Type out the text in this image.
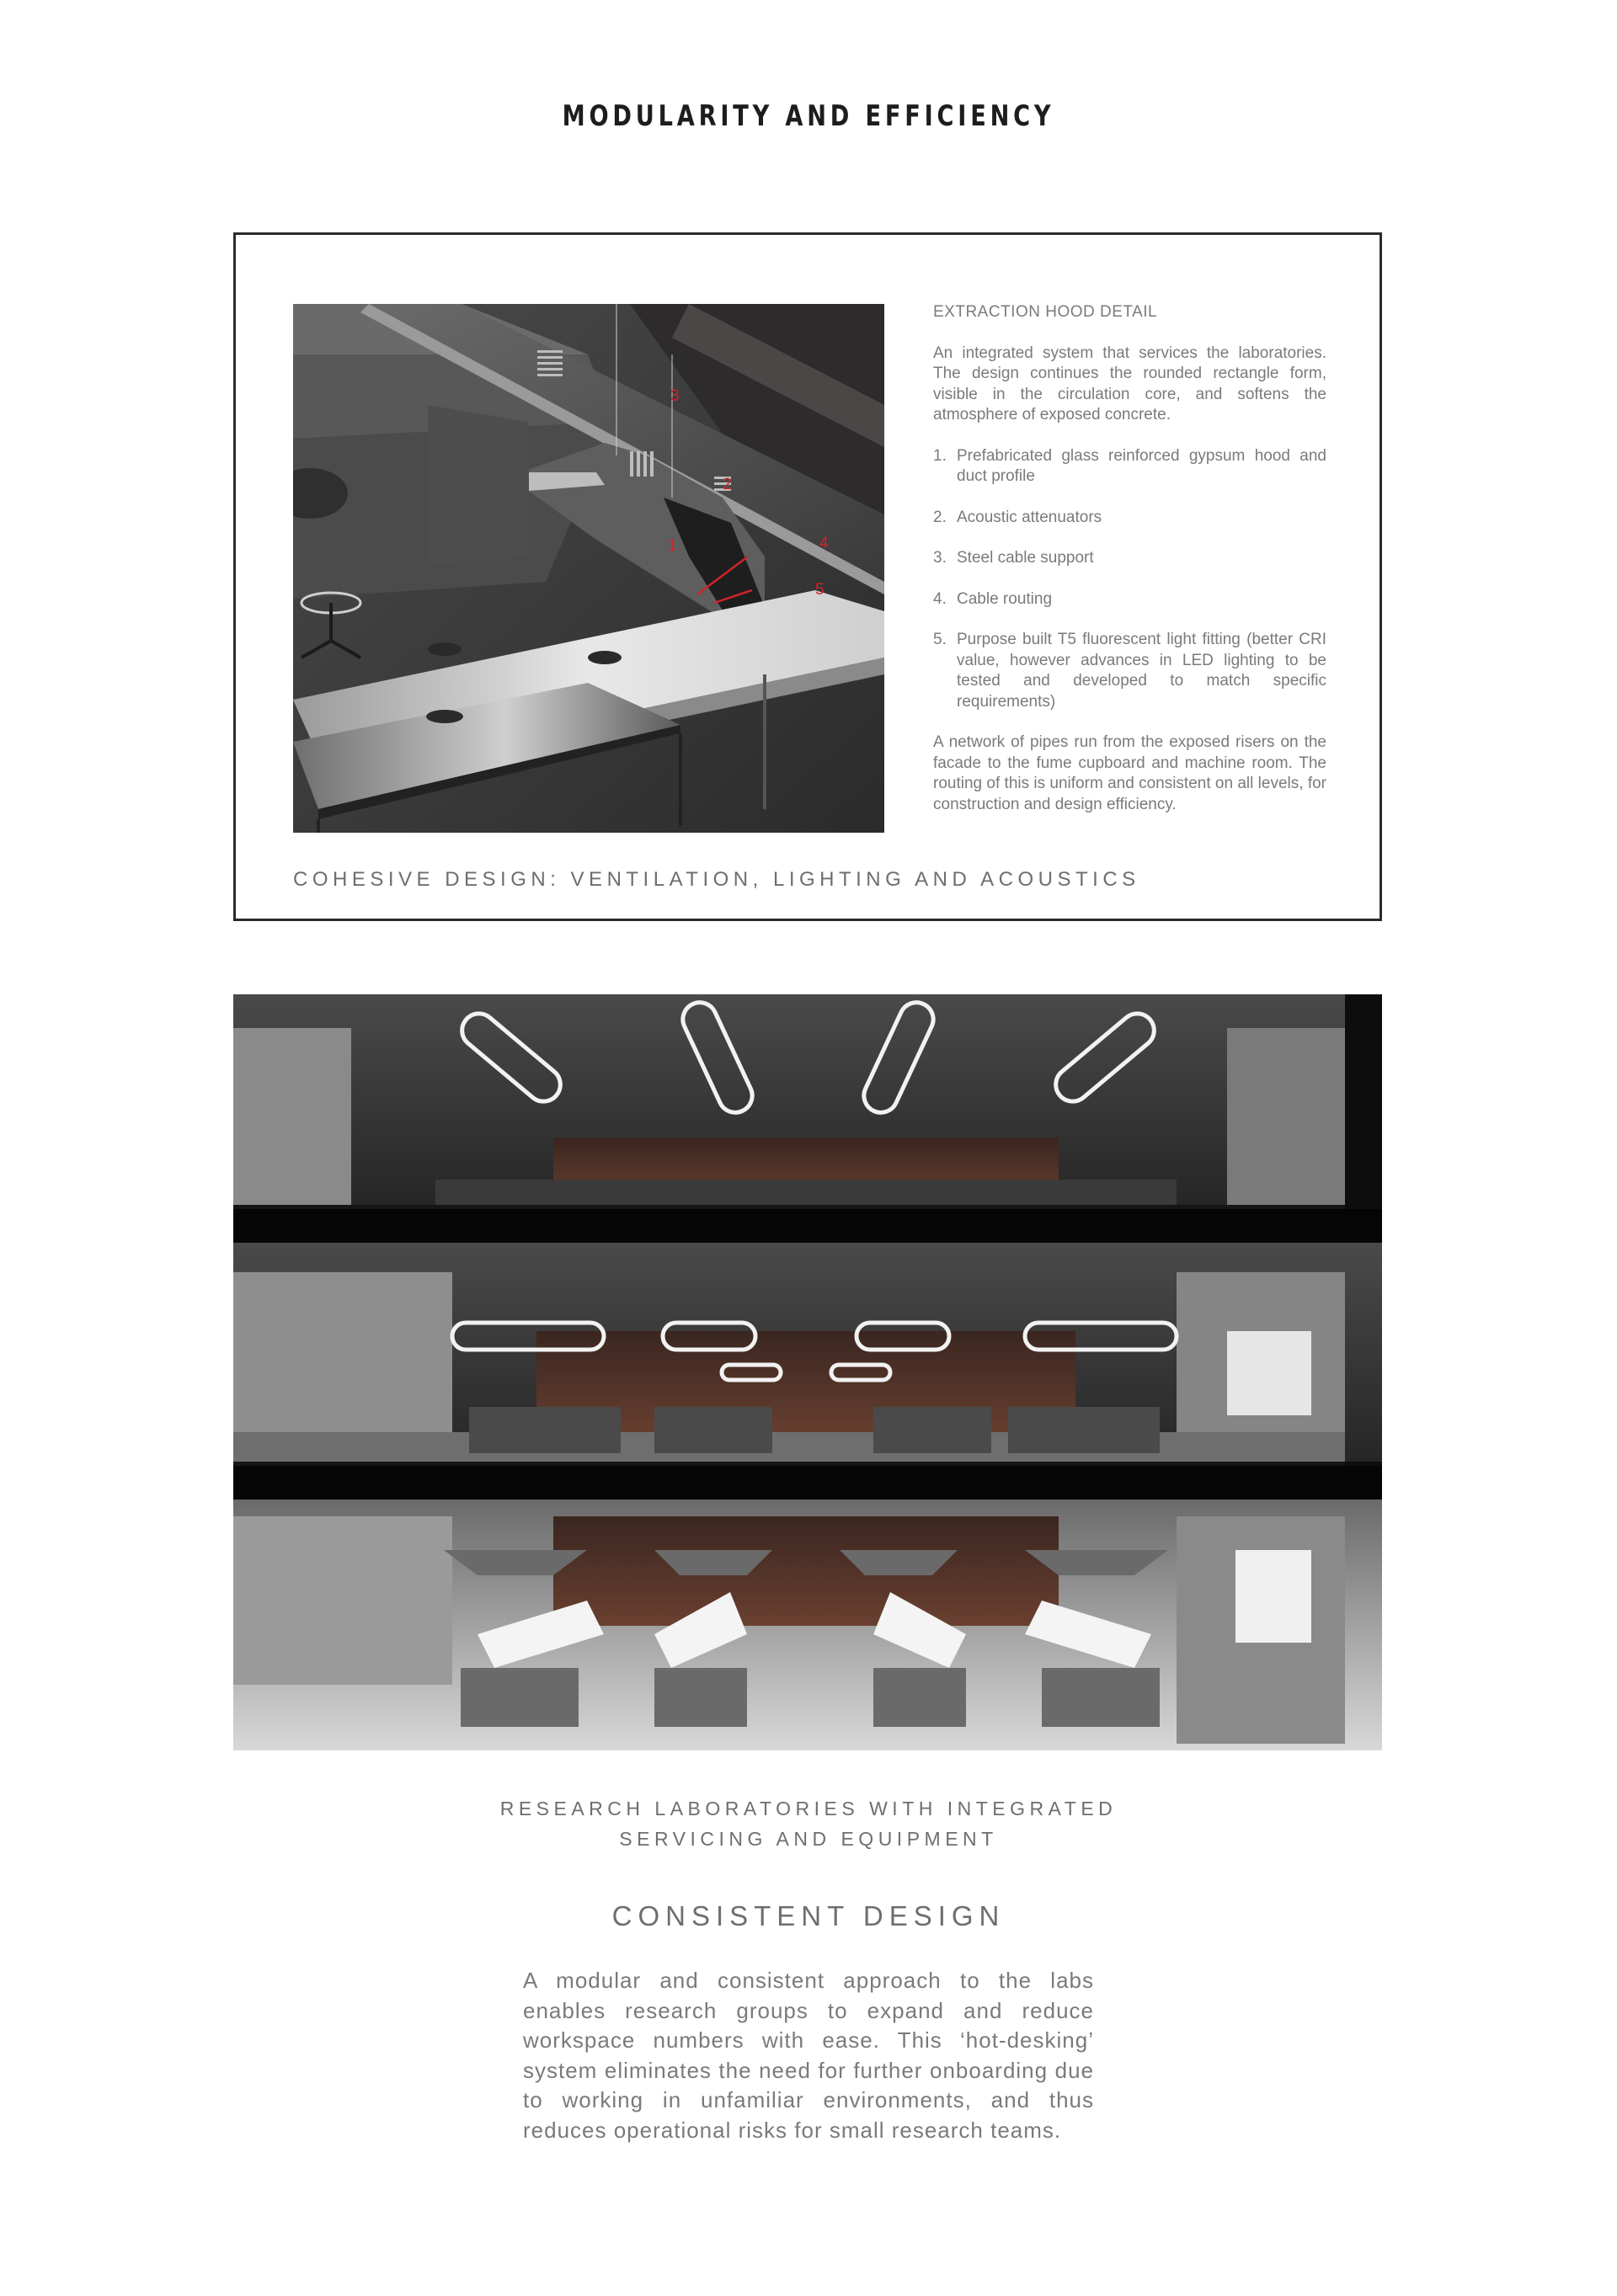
MODULARITY AND EFFICIENCY
1
2
3
4
5
EXTRACTION HOOD DETAIL

An integrated system that services the laboratories. The design continues the rounded rectangle form, visible in the circulation core, and softens the atmosphere of exposed concrete.

1. Prefabricated glass reinforced gypsum hood and duct profile
2. Acoustic attenuators
3. Steel cable support
4. Cable routing
5. Purpose built T5 fluorescent light fitting (better CRI value, however advances in LED lighting to be tested and developed to match specific requirements)

A network of pipes run from the exposed risers on the facade to the fume cupboard and machine room. The routing of this is uniform and consistent on all levels, for construction and design efficiency.

COHESIVE DESIGN: VENTILATION, LIGHTING AND ACOUSTICS
RESEARCH LABORATORIES WITH INTEGRATED
SERVICING AND EQUIPMENT
CONSISTENT DESIGN

A modular and consistent approach to the labs enables research groups to expand and reduce workspace numbers with ease. This ‘hot-desking’ system eliminates the need for further onboarding due to working in unfamiliar environments, and thus reduces operational risks for small research teams.
